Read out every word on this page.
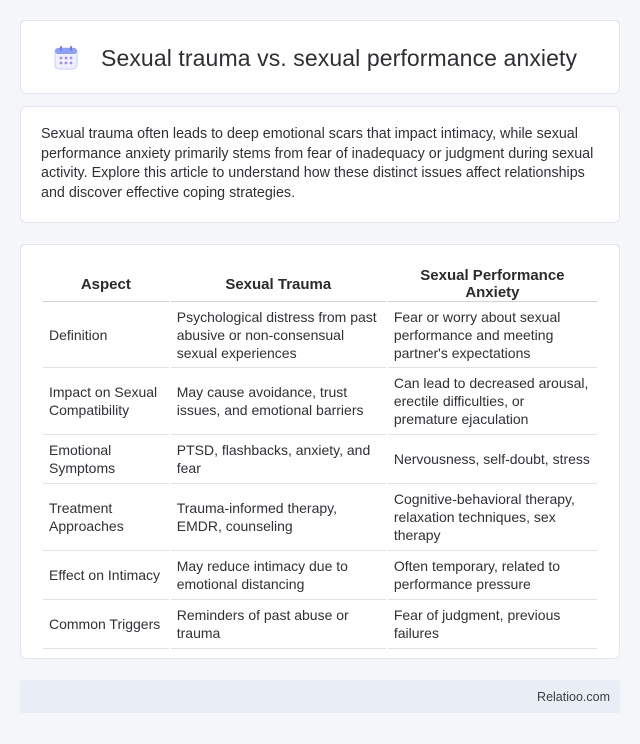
Sexual trauma vs. sexual performance anxiety

Sexual trauma often leads to deep emotional scars that impact intimacy, while sexual performance anxiety primarily stems from fear of inadequacy or judgment during sexual activity. Explore this article to understand how these distinct issues affect relationships and discover effective coping strategies.

Aspect	Sexual Trauma	Sexual Performance Anxiety
Definition	Psychological distress from past abusive or non-consensual sexual experiences	Fear or worry about sexual performance and meeting partner's expectations
Impact on Sexual Compatibility	May cause avoidance, trust issues, and emotional barriers	Can lead to decreased arousal, erectile difficulties, or premature ejaculation
Emotional Symptoms	PTSD, flashbacks, anxiety, and fear	Nervousness, self-doubt, stress
Treatment Approaches	Trauma-informed therapy, EMDR, counseling	Cognitive-behavioral therapy, relaxation techniques, sex therapy
Effect on Intimacy	May reduce intimacy due to emotional distancing	Often temporary, related to performance pressure
Common Triggers	Reminders of past abuse or trauma	Fear of judgment, previous failures
Relatioo.com
